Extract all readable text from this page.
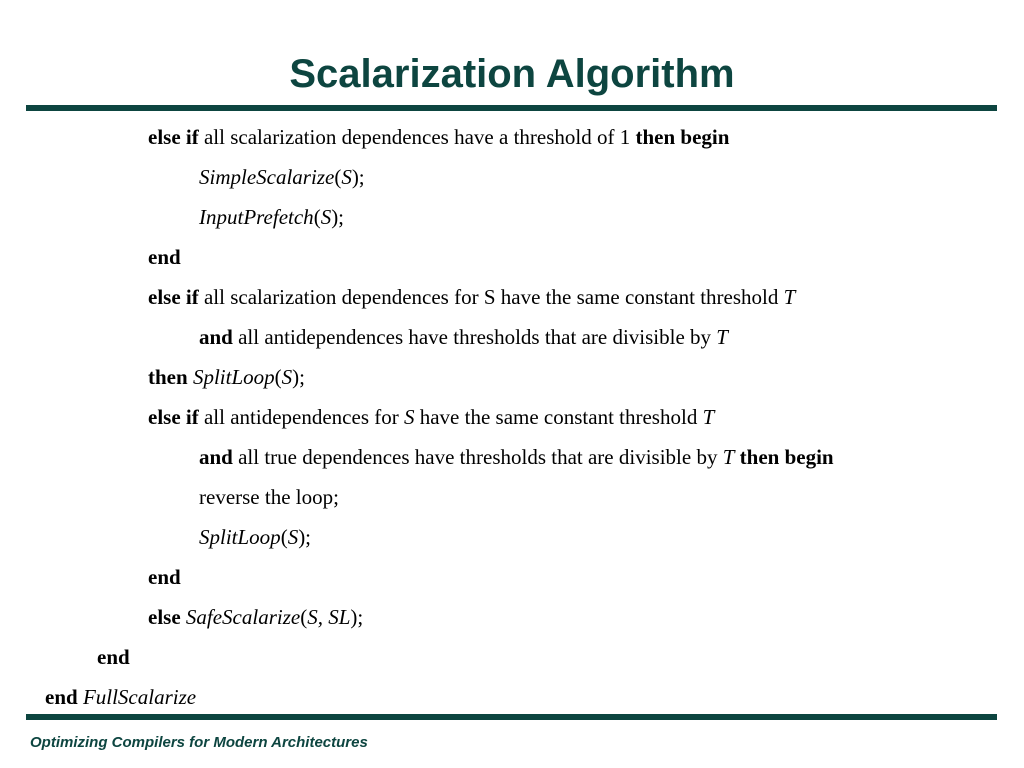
Scalarization Algorithm
else if all scalarization dependences have a threshold of 1 then begin
SimpleScalarize(S);
InputPrefetch(S);
end
else if all scalarization dependences for S have the same constant threshold T
and all antidependences have thresholds that are divisible by T
then SplitLoop(S);
else if all antidependences for S have the same constant threshold T
and all true dependences have thresholds that are divisible by T then begin
reverse the loop;
SplitLoop(S);
end
else SafeScalarize(S, SL);
end
end FullScalarize
Optimizing Compilers for Modern Architectures
